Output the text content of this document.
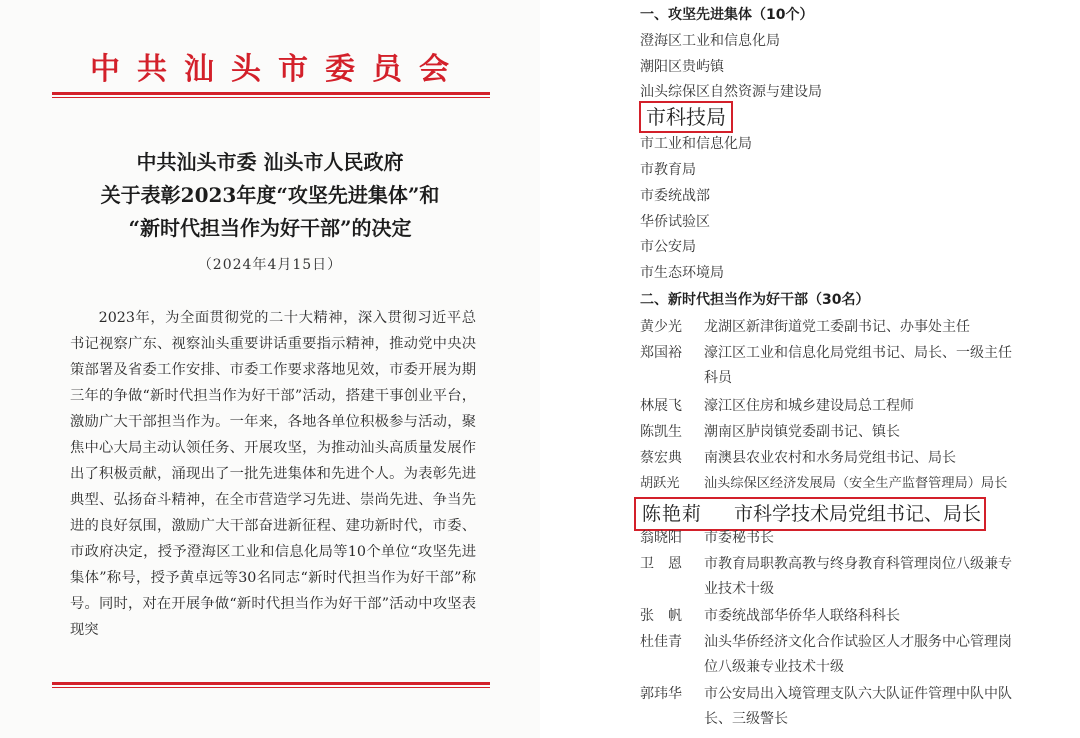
中共汕头市委员会
中共汕头市委 汕头市人民政府
关于表彰2023年度“攻坚先进集体”和
“新时代担当作为好干部”的决定
（2024年4月15日）

2023年，为全面贯彻党的二十大精神，深入贯彻习近平总书记视察广东、视察汕头重要讲话重要指示精神，推动党中央决策部署及省委工作安排、市委工作要求落地见效，市委开展为期三年的争做“新时代担当作为好干部”活动，搭建干事创业平台，激励广大干部担当作为。一年来，各地各单位积极参与活动，聚焦中心大局主动认领任务、开展攻坚，为推动汕头高质量发展作出了积极贡献，涌现出了一批先进集体和先进个人。为表彰先进典型、弘扬奋斗精神，在全市营造学习先进、崇尚先进、争当先进的良好氛围，激励广大干部奋进新征程、建功新时代，市委、市政府决定，授予澄海区工业和信息化局等10个单位“攻坚先进集体”称号，授予黄卓远等30名同志“新时代担当作为好干部”称号。同时，对在开展争做“新时代担当作为好干部”活动中攻坚表现突

一、攻坚先进集体（10个）
澄海区工业和信息化局
潮阳区贵屿镇
汕头综保区自然资源与建设局
市科技局
市工业和信息化局
市教育局
市委统战部
华侨试验区
市公安局
市生态环境局
二、新时代担当作为好干部（30名）
黄少光	龙湖区新津街道党工委副书记、办事处主任
郑国裕	濠江区工业和信息化局党组书记、局长、一级主任科员
林展飞	濠江区住房和城乡建设局总工程师
陈凯生	潮南区胪岗镇党委副书记、镇长
蔡宏典	南澳县农业农村和水务局党组书记、局长
胡跃光	汕头综保区经济发展局（安全生产监督管理局）局长
陈艳莉	市科学技术局党组书记、局长
翁晓阳	市委秘书长
卫　恩	市教育局职教高教与终身教育科管理岗位八级兼专业技术十级
张　帆	市委统战部华侨华人联络科科长
杜佳青	汕头华侨经济文化合作试验区人才服务中心管理岗位八级兼专业技术十级
郭玮华	市公安局出入境管理支队六大队证件管理中队中队长、三级警长
